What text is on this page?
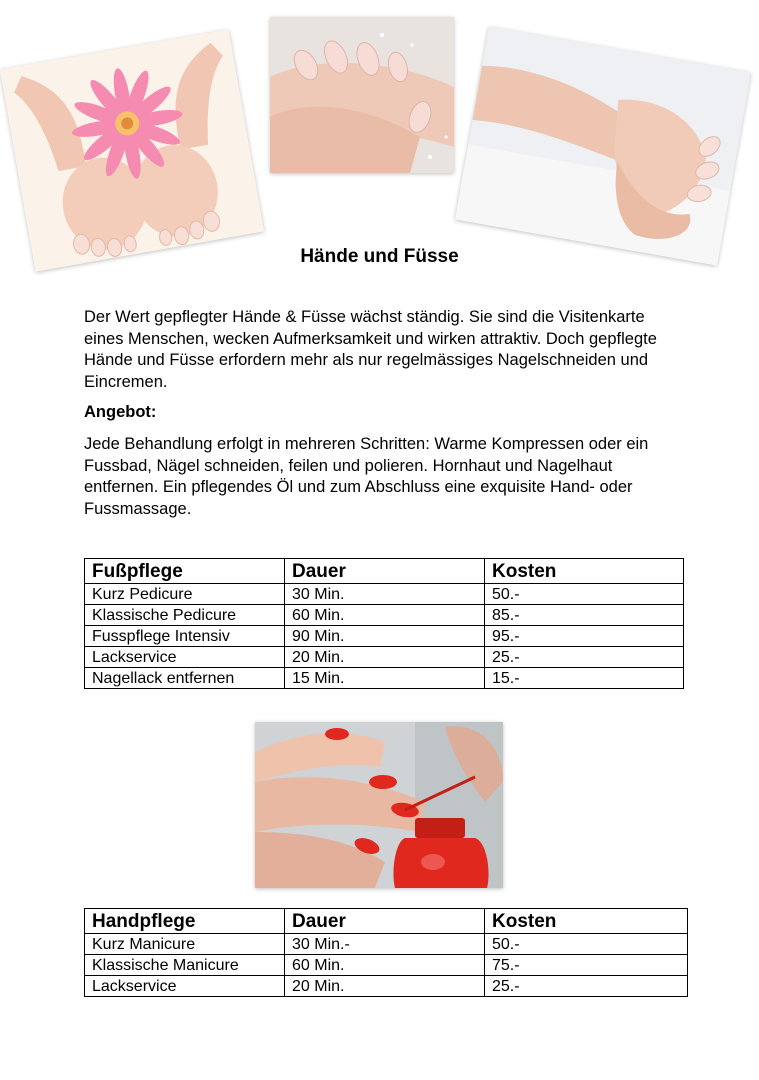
Hände und Füsse

Der Wert gepflegter Hände & Füsse wächst ständig. Sie sind die Visitenkarte eines Menschen, wecken Aufmerksamkeit und wirken attraktiv. Doch gepflegte Hände und Füsse erfordern mehr als nur regelmässiges Nagelschneiden und Eincremen.

Angebot:

Jede Behandlung erfolgt in mehreren Schritten: Warme Kompressen oder ein Fussbad, Nägel schneiden, feilen und polieren. Hornhaut und Nagelhaut entfernen. Ein pflegendes Öl und zum Abschluss eine exquisite Hand- oder Fussmassage.

Fußpflege	Dauer	Kosten
Kurz Pedicure	30 Min.	50.-
Klassische Pedicure	60 Min.	85.-
Fusspflege Intensiv	90 Min.	95.-
Lackservice	20 Min.	25.-
Nagellack entfernen	15 Min.	15.-
Handpflege	Dauer	Kosten
Kurz Manicure	30 Min.-	50.-
Klassische Manicure	60 Min.	75.-
Lackservice	20 Min.	25.-
